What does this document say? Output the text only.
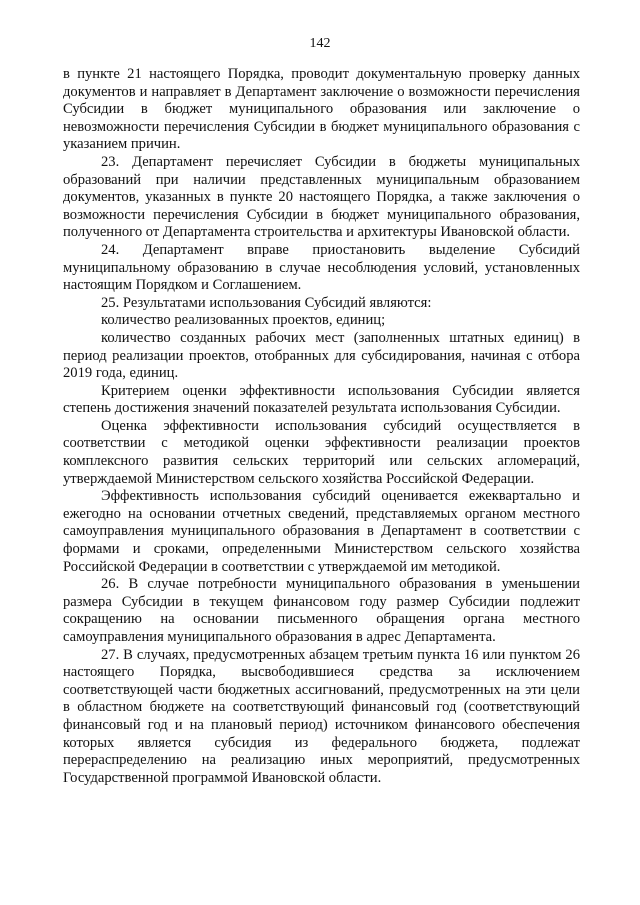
142

в пункте 21 настоящего Порядка, проводит документальную проверку данных документов и направляет в Департамент заключение о возможности перечисления Субсидии в бюджет муниципального образования или заключение о невозможности перечисления Субсидии в бюджет муниципального образования с указанием причин.

23. Департамент перечисляет Субсидии в бюджеты муниципальных образований при наличии представленных муниципальным образованием документов, указанных в пункте 20 настоящего Порядка, а также заключения о возможности перечисления Субсидии в бюджет муниципального образования, полученного от Департамента строительства и архитектуры Ивановской области.

24. Департамент вправе приостановить выделение Субсидий муниципальному образованию в случае несоблюдения условий, установленных настоящим Порядком и Соглашением.

25. Результатами использования Субсидий являются:

количество реализованных проектов, единиц;

количество созданных рабочих мест (заполненных штатных единиц) в период реализации проектов, отобранных для субсидирования, начиная с отбора 2019 года, единиц.

Критерием оценки эффективности использования Субсидии является степень достижения значений показателей результата использования Субсидии.

Оценка эффективности использования субсидий осуществляется в соответствии с методикой оценки эффективности реализации проектов комплексного развития сельских территорий или сельских агломераций, утверждаемой Министерством сельского хозяйства Российской Федерации.

Эффективность использования субсидий оценивается ежеквартально и ежегодно на основании отчетных сведений, представляемых органом местного самоуправления муниципального образования в Департамент в соответствии с формами и сроками, определенными Министерством сельского хозяйства Российской Федерации в соответствии с утверждаемой им методикой.

26. В случае потребности муниципального образования в уменьшении размера Субсидии в текущем финансовом году размер Субсидии подлежит сокращению на основании письменного обращения органа местного самоуправления муниципального образования в адрес Департамента.

27. В случаях, предусмотренных абзацем третьим пункта 16 или пунктом 26 настоящего Порядка, высвободившиеся средства за исключением соответствующей части бюджетных ассигнований, предусмотренных на эти цели в областном бюджете на соответствующий финансовый год (соответствующий финансовый год и на плановый период) источником финансового обеспечения которых является субсидия из федерального бюджета, подлежат перераспределению на реализацию иных мероприятий, предусмотренных Государственной программой Ивановской области.
